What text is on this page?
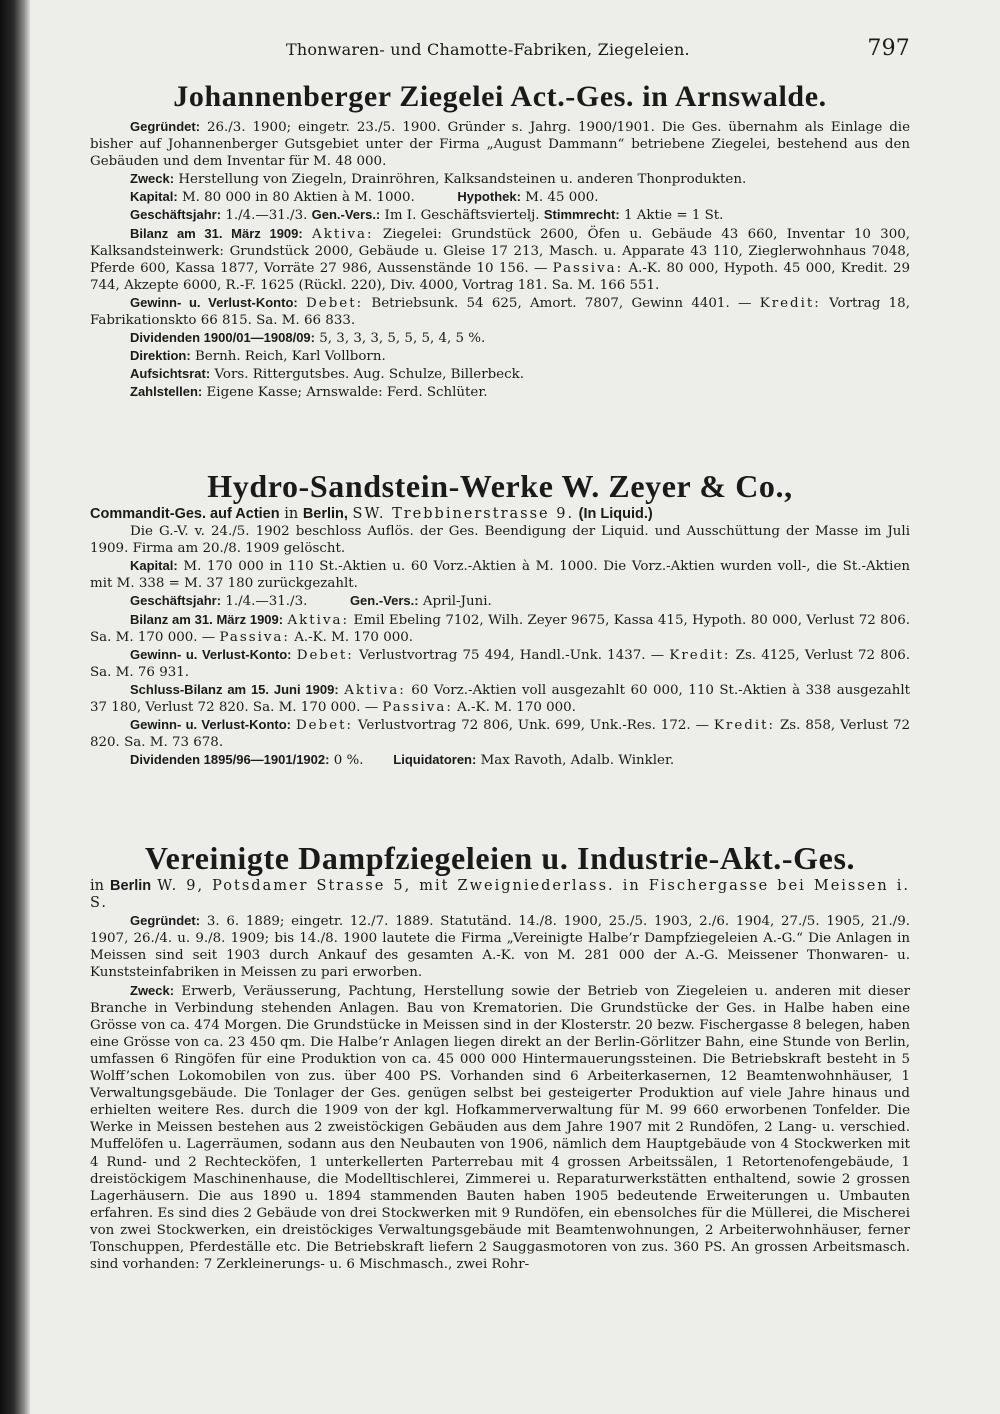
Thonwaren- und Chamotte-Fabriken, Ziegeleien.	797
Johannenberger Ziegelei Act.-Ges. in Arnswalde.

Gegründet: 26./3. 1900; eingetr. 23./5. 1900. Gründer s. Jahrg. 1900/1901. Die Ges. übernahm als Einlage die bisher auf Johannenberger Gutsgebiet unter der Firma „August Dammann“ betriebene Ziegelei, bestehend aus den Gebäuden und dem Inventar für M. 48 000.

Zweck: Herstellung von Ziegeln, Drainröhren, Kalksandsteinen u. anderen Thonprodukten.

Kapital: M. 80 000 in 80 Aktien à M. 1000.	Hypothek: M. 45 000.

Geschäftsjahr: 1./4.—31./3. Gen.-Vers.: Im I. Geschäftsviertelj. Stimmrecht: 1 Aktie = 1 St.

Bilanz am 31. März 1909: Aktiva: Ziegelei: Grundstück 2600, Öfen u. Gebäude 43 660, Inventar 10 300, Kalksandsteinwerk: Grundstück 2000, Gebäude u. Gleise 17 213, Masch. u. Apparate 43 110, Zieglerwohnhaus 7048, Pferde 600, Kassa 1877, Vorräte 27 986, Aussenstände 10 156. — Passiva: A.-K. 80 000, Hypoth. 45 000, Kredit. 29 744, Akzepte 6000, R.-F. 1625 (Rückl. 220), Div. 4000, Vortrag 181. Sa. M. 166 551.

Gewinn- u. Verlust-Konto: Debet: Betriebsunk. 54 625, Amort. 7807, Gewinn 4401. — Kredit: Vortrag 18, Fabrikationskto 66 815. Sa. M. 66 833.

Dividenden 1900/01—1908/09: 5, 3, 3, 3, 5, 5, 5, 4, 5 %.

Direktion: Bernh. Reich, Karl Vollborn.

Aufsichtsrat: Vors. Rittergutsbes. Aug. Schulze, Billerbeck.

Zahlstellen: Eigene Kasse; Arnswalde: Ferd. Schlüter.

Hydro-Sandstein-Werke W. Zeyer & Co.,

Commandit-Ges. auf Actien in Berlin, SW. Trebbinerstrasse 9. (In Liquid.)

Die G.-V. v. 24./5. 1902 beschloss Auflös. der Ges. Beendigung der Liquid. und Ausschüttung der Masse im Juli 1909. Firma am 20./8. 1909 gelöscht.

Kapital: M. 170 000 in 110 St.-Aktien u. 60 Vorz.-Aktien à M. 1000. Die Vorz.-Aktien wurden voll-, die St.-Aktien mit M. 338 = M. 37 180 zurückgezahlt.

Geschäftsjahr: 1./4.—31./3.	Gen.-Vers.: April-Juni.

Bilanz am 31. März 1909: Aktiva: Emil Ebeling 7102, Wilh. Zeyer 9675, Kassa 415, Hypoth. 80 000, Verlust 72 806. Sa. M. 170 000. — Passiva: A.-K. M. 170 000.

Gewinn- u. Verlust-Konto: Debet: Verlustvortrag 75 494, Handl.-Unk. 1437. — Kredit: Zs. 4125, Verlust 72 806. Sa. M. 76 931.

Schluss-Bilanz am 15. Juni 1909: Aktiva: 60 Vorz.-Aktien voll ausgezahlt 60 000, 110 St.-Aktien à 338 ausgezahlt 37 180, Verlust 72 820. Sa. M. 170 000. — Passiva: A.-K. M. 170 000.

Gewinn- u. Verlust-Konto: Debet: Verlustvortrag 72 806, Unk. 699, Unk.-Res. 172. — Kredit: Zs. 858, Verlust 72 820. Sa. M. 73 678.

Dividenden 1895/96—1901/1902: 0 %. Liquidatoren: Max Ravoth, Adalb. Winkler.

Vereinigte Dampfziegeleien u. Industrie-Akt.-Ges.

in Berlin W. 9, Potsdamer Strasse 5, mit Zweigniederlass. in Fischergasse bei Meissen i. S.

Gegründet: 3. 6. 1889; eingetr. 12./7. 1889. Statutänd. 14./8. 1900, 25./5. 1903, 2./6. 1904, 27./5. 1905, 21./9. 1907, 26./4. u. 9./8. 1909; bis 14./8. 1900 lautete die Firma „Vereinigte Halbe’r Dampfziegeleien A.-G.“ Die Anlagen in Meissen sind seit 1903 durch Ankauf des gesamten A.-K. von M. 281 000 der A.-G. Meissener Thonwaren- u. Kunststeinfabriken in Meissen zu pari erworben.

Zweck: Erwerb, Veräusserung, Pachtung, Herstellung sowie der Betrieb von Ziegeleien u. anderen mit dieser Branche in Verbindung stehenden Anlagen. Bau von Krematorien. Die Grundstücke der Ges. in Halbe haben eine Grösse von ca. 474 Morgen. Die Grundstücke in Meissen sind in der Klosterstr. 20 bezw. Fischergasse 8 belegen, haben eine Grösse von ca. 23 450 qm. Die Halbe’r Anlagen liegen direkt an der Berlin-Görlitzer Bahn, eine Stunde von Berlin, umfassen 6 Ringöfen für eine Produktion von ca. 45 000 000 Hintermauerungssteinen. Die Betriebskraft besteht in 5 Wolff’schen Lokomobilen von zus. über 400 PS. Vorhanden sind 6 Arbeiterkasernen, 12 Beamtenwohnhäuser, 1 Verwaltungsgebäude. Die Tonlager der Ges. genügen selbst bei gesteigerter Produktion auf viele Jahre hinaus und erhielten weitere Res. durch die 1909 von der kgl. Hofkammerverwaltung für M. 99 660 erworbenen Tonfelder. Die Werke in Meissen bestehen aus 2 zweistöckigen Gebäuden aus dem Jahre 1907 mit 2 Rundöfen, 2 Lang- u. verschied. Muffelöfen u. Lagerräumen, sodann aus den Neubauten von 1906, nämlich dem Hauptgebäude von 4 Stockwerken mit 4 Rund- und 2 Rechtecköfen, 1 unterkellerten Parterrebau mit 4 grossen Arbeitssälen, 1 Retortenofengebäude, 1 dreistöckigem Maschinenhause, die Modelltischlerei, Zimmerei u. Reparaturwerkstätten enthaltend, sowie 2 grossen Lagerhäusern. Die aus 1890 u. 1894 stammenden Bauten haben 1905 bedeutende Erweiterungen u. Umbauten erfahren. Es sind dies 2 Gebäude von drei Stockwerken mit 9 Rundöfen, ein ebensolches für die Müllerei, die Mischerei von zwei Stockwerken, ein dreistöckiges Verwaltungsgebäude mit Beamtenwohnungen, 2 Arbeiterwohnhäuser, ferner Tonschuppen, Pferdeställe etc. Die Betriebskraft liefern 2 Sauggasmotoren von zus. 360 PS. An grossen Arbeitsmasch. sind vorhanden: 7 Zerkleinerungs- u. 6 Mischmasch., zwei Rohr-
